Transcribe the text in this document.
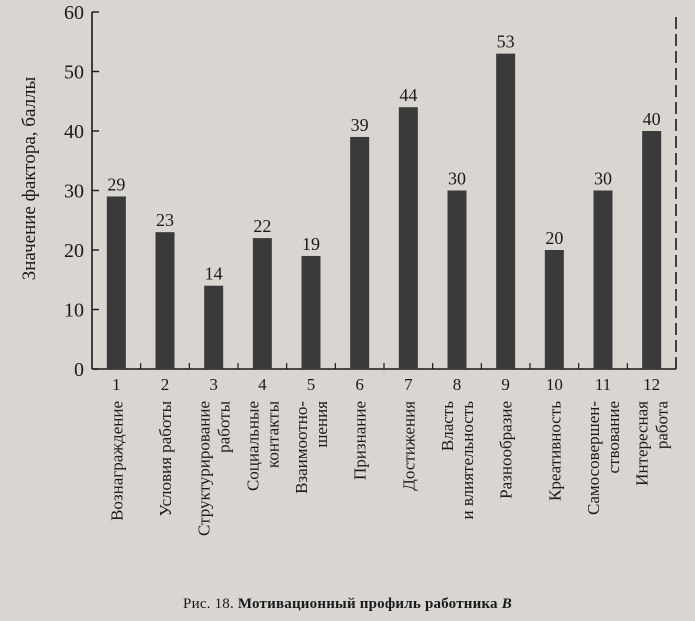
0
10
20
30
40
50
60
Значение фактора, баллы	29
1
Вознаграждение
23
2
Условия работы
14
3
Структурирование работы
22
4
Социальные контакты
19
5
Взаимоотно- шения
39
6
Признание
44
7
Достижения
30
8
Власть и влиятельность
53
9
Разнообразие
20
10
Креативность
30
11
Самосовершен- ствование
40
12
Интересная работа
Рис. 18. Мотивационный профиль работника В
